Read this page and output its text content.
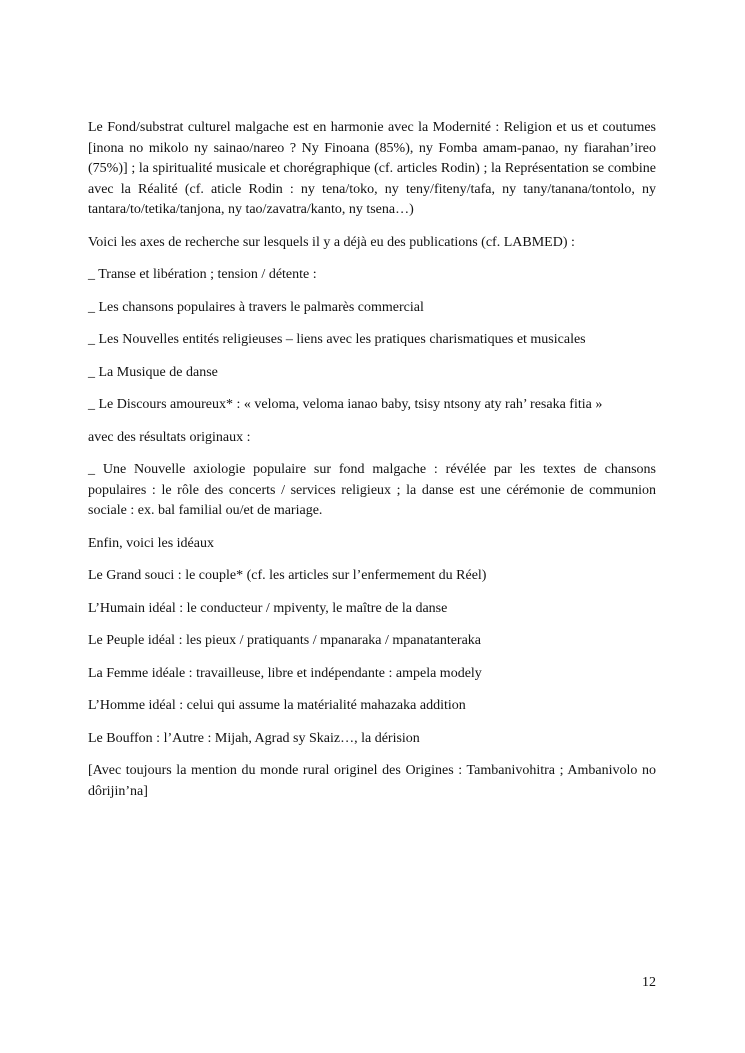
Le Fond/substrat culturel malgache est en harmonie avec la Modernité : Religion et us et coutumes [inona no mikolo ny sainao/nareo ? Ny Finoana (85%), ny Fomba amam-panao, ny fiarahan’ireo (75%)] ; la spiritualité musicale et chorégraphique (cf. articles Rodin) ; la Représentation se combine avec la Réalité (cf. aticle Rodin : ny tena/toko, ny teny/fiteny/tafa, ny tany/tanana/tontolo, ny tantara/to/tetika/tanjona, ny tao/zavatra/kanto, ny tsena…)

Voici les axes de recherche sur lesquels il y a déjà eu des publications (cf. LABMED) :

_ Transe et libération ; tension / détente :

_ Les chansons populaires à travers le palmarès commercial

_ Les Nouvelles entités religieuses – liens avec les pratiques charismatiques et musicales

_ La Musique de danse

_ Le Discours amoureux* : « veloma, veloma ianao baby, tsisy ntsony aty rah’ resaka fitia »

avec des résultats originaux :

_ Une Nouvelle axiologie populaire sur fond malgache : révélée par les textes de chansons populaires : le rôle des concerts / services religieux ; la danse est une cérémonie de communion sociale : ex. bal familial ou/et de mariage.

Enfin, voici les idéaux

Le Grand souci : le couple* (cf. les articles sur l’enfermement du Réel)

L’Humain idéal : le conducteur / mpiventy, le maître de la danse

Le Peuple idéal : les pieux / pratiquants / mpanaraka / mpanatanteraka

La Femme idéale : travailleuse, libre et indépendante : ampela modely

L’Homme idéal : celui qui assume la matérialité mahazaka addition

Le Bouffon : l’Autre : Mijah, Agrad sy Skaiz…, la dérision

[Avec toujours la mention du monde rural originel des Origines : Tambanivohitra ; Ambanivolo no dôrijin’na]

12
